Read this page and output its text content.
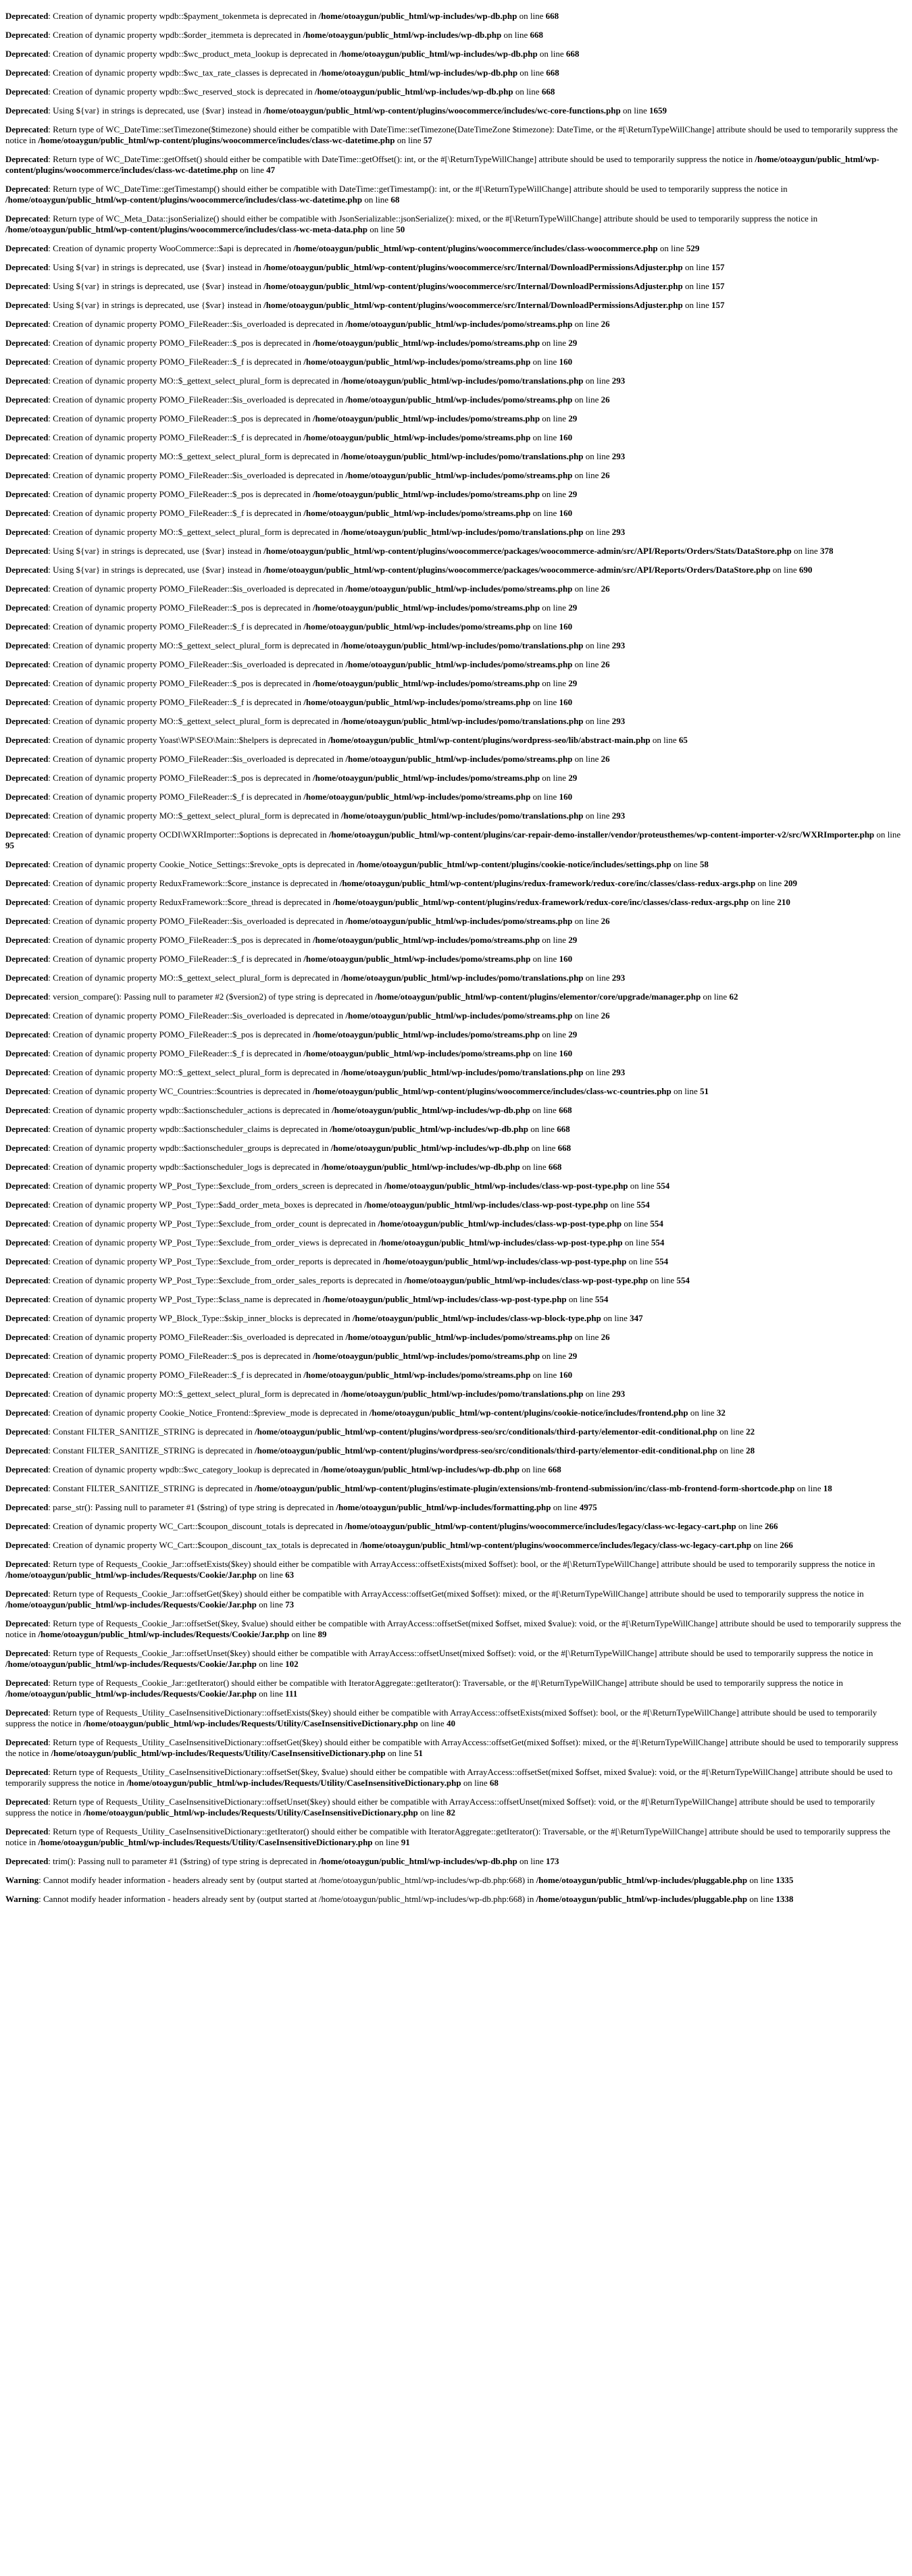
Deprecated: Creation of dynamic property wpdb::$payment_tokenmeta is deprecated in /home/otoaygun/public_html/wp-includes/wp-db.php on line 668

Deprecated: Creation of dynamic property wpdb::$order_itemmeta is deprecated in /home/otoaygun/public_html/wp-includes/wp-db.php on line 668

Deprecated: Creation of dynamic property wpdb::$wc_product_meta_lookup is deprecated in /home/otoaygun/public_html/wp-includes/wp-db.php on line 668

Deprecated: Creation of dynamic property wpdb::$wc_tax_rate_classes is deprecated in /home/otoaygun/public_html/wp-includes/wp-db.php on line 668

Deprecated: Creation of dynamic property wpdb::$wc_reserved_stock is deprecated in /home/otoaygun/public_html/wp-includes/wp-db.php on line 668

Deprecated: Using ${var} in strings is deprecated, use {$var} instead in /home/otoaygun/public_html/wp-content/plugins/woocommerce/includes/wc-core-functions.php on line 1659

Deprecated: Return type of WC_DateTime::setTimezone($timezone) should either be compatible with DateTime::setTimezone(DateTimeZone $timezone): DateTime, or the #[\ReturnTypeWillChange] attribute should be used to temporarily suppress the notice in /home/otoaygun/public_html/wp-content/plugins/woocommerce/includes/class-wc-datetime.php on line 57

Deprecated: Return type of WC_DateTime::getOffset() should either be compatible with DateTime::getOffset(): int, or the #[\ReturnTypeWillChange] attribute should be used to temporarily suppress the notice in /home/otoaygun/public_html/wp-content/plugins/woocommerce/includes/class-wc-datetime.php on line 47

Deprecated: Return type of WC_DateTime::getTimestamp() should either be compatible with DateTime::getTimestamp(): int, or the #[\ReturnTypeWillChange] attribute should be used to temporarily suppress the notice in /home/otoaygun/public_html/wp-content/plugins/woocommerce/includes/class-wc-datetime.php on line 68

Deprecated: Return type of WC_Meta_Data::jsonSerialize() should either be compatible with JsonSerializable::jsonSerialize(): mixed, or the #[\ReturnTypeWillChange] attribute should be used to temporarily suppress the notice in /home/otoaygun/public_html/wp-content/plugins/woocommerce/includes/class-wc-meta-data.php on line 50

Deprecated: Creation of dynamic property WooCommerce::$api is deprecated in /home/otoaygun/public_html/wp-content/plugins/woocommerce/includes/class-woocommerce.php on line 529

Deprecated: Using ${var} in strings is deprecated, use {$var} instead in /home/otoaygun/public_html/wp-content/plugins/woocommerce/src/Internal/DownloadPermissionsAdjuster.php on line 157

Deprecated: Using ${var} in strings is deprecated, use {$var} instead in /home/otoaygun/public_html/wp-content/plugins/woocommerce/src/Internal/DownloadPermissionsAdjuster.php on line 157

Deprecated: Using ${var} in strings is deprecated, use {$var} instead in /home/otoaygun/public_html/wp-content/plugins/woocommerce/src/Internal/DownloadPermissionsAdjuster.php on line 157

Deprecated: Creation of dynamic property POMO_FileReader::$is_overloaded is deprecated in /home/otoaygun/public_html/wp-includes/pomo/streams.php on line 26

Deprecated: Creation of dynamic property POMO_FileReader::$_pos is deprecated in /home/otoaygun/public_html/wp-includes/pomo/streams.php on line 29

Deprecated: Creation of dynamic property POMO_FileReader::$_f is deprecated in /home/otoaygun/public_html/wp-includes/pomo/streams.php on line 160

Deprecated: Creation of dynamic property MO::$_gettext_select_plural_form is deprecated in /home/otoaygun/public_html/wp-includes/pomo/translations.php on line 293

Deprecated: Creation of dynamic property POMO_FileReader::$is_overloaded is deprecated in /home/otoaygun/public_html/wp-includes/pomo/streams.php on line 26

Deprecated: Creation of dynamic property POMO_FileReader::$_pos is deprecated in /home/otoaygun/public_html/wp-includes/pomo/streams.php on line 29

Deprecated: Creation of dynamic property POMO_FileReader::$_f is deprecated in /home/otoaygun/public_html/wp-includes/pomo/streams.php on line 160

Deprecated: Creation of dynamic property MO::$_gettext_select_plural_form is deprecated in /home/otoaygun/public_html/wp-includes/pomo/translations.php on line 293

Deprecated: Creation of dynamic property POMO_FileReader::$is_overloaded is deprecated in /home/otoaygun/public_html/wp-includes/pomo/streams.php on line 26

Deprecated: Creation of dynamic property POMO_FileReader::$_pos is deprecated in /home/otoaygun/public_html/wp-includes/pomo/streams.php on line 29

Deprecated: Creation of dynamic property POMO_FileReader::$_f is deprecated in /home/otoaygun/public_html/wp-includes/pomo/streams.php on line 160

Deprecated: Creation of dynamic property MO::$_gettext_select_plural_form is deprecated in /home/otoaygun/public_html/wp-includes/pomo/translations.php on line 293

Deprecated: Using ${var} in strings is deprecated, use {$var} instead in /home/otoaygun/public_html/wp-content/plugins/woocommerce/packages/woocommerce-admin/src/API/Reports/Orders/Stats/DataStore.php on line 378

Deprecated: Using ${var} in strings is deprecated, use {$var} instead in /home/otoaygun/public_html/wp-content/plugins/woocommerce/packages/woocommerce-admin/src/API/Reports/Orders/DataStore.php on line 690

Deprecated: Creation of dynamic property POMO_FileReader::$is_overloaded is deprecated in /home/otoaygun/public_html/wp-includes/pomo/streams.php on line 26

Deprecated: Creation of dynamic property POMO_FileReader::$_pos is deprecated in /home/otoaygun/public_html/wp-includes/pomo/streams.php on line 29

Deprecated: Creation of dynamic property POMO_FileReader::$_f is deprecated in /home/otoaygun/public_html/wp-includes/pomo/streams.php on line 160

Deprecated: Creation of dynamic property MO::$_gettext_select_plural_form is deprecated in /home/otoaygun/public_html/wp-includes/pomo/translations.php on line 293

Deprecated: Creation of dynamic property POMO_FileReader::$is_overloaded is deprecated in /home/otoaygun/public_html/wp-includes/pomo/streams.php on line 26

Deprecated: Creation of dynamic property POMO_FileReader::$_pos is deprecated in /home/otoaygun/public_html/wp-includes/pomo/streams.php on line 29

Deprecated: Creation of dynamic property POMO_FileReader::$_f is deprecated in /home/otoaygun/public_html/wp-includes/pomo/streams.php on line 160

Deprecated: Creation of dynamic property MO::$_gettext_select_plural_form is deprecated in /home/otoaygun/public_html/wp-includes/pomo/translations.php on line 293

Deprecated: Creation of dynamic property Yoast\WP\SEO\Main::$helpers is deprecated in /home/otoaygun/public_html/wp-content/plugins/wordpress-seo/lib/abstract-main.php on line 65

Deprecated: Creation of dynamic property POMO_FileReader::$is_overloaded is deprecated in /home/otoaygun/public_html/wp-includes/pomo/streams.php on line 26

Deprecated: Creation of dynamic property POMO_FileReader::$_pos is deprecated in /home/otoaygun/public_html/wp-includes/pomo/streams.php on line 29

Deprecated: Creation of dynamic property POMO_FileReader::$_f is deprecated in /home/otoaygun/public_html/wp-includes/pomo/streams.php on line 160

Deprecated: Creation of dynamic property MO::$_gettext_select_plural_form is deprecated in /home/otoaygun/public_html/wp-includes/pomo/translations.php on line 293

Deprecated: Creation of dynamic property OCDI\WXRImporter::$options is deprecated in /home/otoaygun/public_html/wp-content/plugins/car-repair-demo-installer/vendor/proteusthemes/wp-content-importer-v2/src/WXRImporter.php on line 95

Deprecated: Creation of dynamic property Cookie_Notice_Settings::$revoke_opts is deprecated in /home/otoaygun/public_html/wp-content/plugins/cookie-notice/includes/settings.php on line 58

Deprecated: Creation of dynamic property ReduxFramework::$core_instance is deprecated in /home/otoaygun/public_html/wp-content/plugins/redux-framework/redux-core/inc/classes/class-redux-args.php on line 209

Deprecated: Creation of dynamic property ReduxFramework::$core_thread is deprecated in /home/otoaygun/public_html/wp-content/plugins/redux-framework/redux-core/inc/classes/class-redux-args.php on line 210

Deprecated: Creation of dynamic property POMO_FileReader::$is_overloaded is deprecated in /home/otoaygun/public_html/wp-includes/pomo/streams.php on line 26

Deprecated: Creation of dynamic property POMO_FileReader::$_pos is deprecated in /home/otoaygun/public_html/wp-includes/pomo/streams.php on line 29

Deprecated: Creation of dynamic property POMO_FileReader::$_f is deprecated in /home/otoaygun/public_html/wp-includes/pomo/streams.php on line 160

Deprecated: Creation of dynamic property MO::$_gettext_select_plural_form is deprecated in /home/otoaygun/public_html/wp-includes/pomo/translations.php on line 293

Deprecated: version_compare(): Passing null to parameter #2 ($version2) of type string is deprecated in /home/otoaygun/public_html/wp-content/plugins/elementor/core/upgrade/manager.php on line 62

Deprecated: Creation of dynamic property POMO_FileReader::$is_overloaded is deprecated in /home/otoaygun/public_html/wp-includes/pomo/streams.php on line 26

Deprecated: Creation of dynamic property POMO_FileReader::$_pos is deprecated in /home/otoaygun/public_html/wp-includes/pomo/streams.php on line 29

Deprecated: Creation of dynamic property POMO_FileReader::$_f is deprecated in /home/otoaygun/public_html/wp-includes/pomo/streams.php on line 160

Deprecated: Creation of dynamic property MO::$_gettext_select_plural_form is deprecated in /home/otoaygun/public_html/wp-includes/pomo/translations.php on line 293

Deprecated: Creation of dynamic property WC_Countries::$countries is deprecated in /home/otoaygun/public_html/wp-content/plugins/woocommerce/includes/class-wc-countries.php on line 51

Deprecated: Creation of dynamic property wpdb::$actionscheduler_actions is deprecated in /home/otoaygun/public_html/wp-includes/wp-db.php on line 668

Deprecated: Creation of dynamic property wpdb::$actionscheduler_claims is deprecated in /home/otoaygun/public_html/wp-includes/wp-db.php on line 668

Deprecated: Creation of dynamic property wpdb::$actionscheduler_groups is deprecated in /home/otoaygun/public_html/wp-includes/wp-db.php on line 668

Deprecated: Creation of dynamic property wpdb::$actionscheduler_logs is deprecated in /home/otoaygun/public_html/wp-includes/wp-db.php on line 668

Deprecated: Creation of dynamic property WP_Post_Type::$exclude_from_orders_screen is deprecated in /home/otoaygun/public_html/wp-includes/class-wp-post-type.php on line 554

Deprecated: Creation of dynamic property WP_Post_Type::$add_order_meta_boxes is deprecated in /home/otoaygun/public_html/wp-includes/class-wp-post-type.php on line 554

Deprecated: Creation of dynamic property WP_Post_Type::$exclude_from_order_count is deprecated in /home/otoaygun/public_html/wp-includes/class-wp-post-type.php on line 554

Deprecated: Creation of dynamic property WP_Post_Type::$exclude_from_order_views is deprecated in /home/otoaygun/public_html/wp-includes/class-wp-post-type.php on line 554

Deprecated: Creation of dynamic property WP_Post_Type::$exclude_from_order_reports is deprecated in /home/otoaygun/public_html/wp-includes/class-wp-post-type.php on line 554

Deprecated: Creation of dynamic property WP_Post_Type::$exclude_from_order_sales_reports is deprecated in /home/otoaygun/public_html/wp-includes/class-wp-post-type.php on line 554

Deprecated: Creation of dynamic property WP_Post_Type::$class_name is deprecated in /home/otoaygun/public_html/wp-includes/class-wp-post-type.php on line 554

Deprecated: Creation of dynamic property WP_Block_Type::$skip_inner_blocks is deprecated in /home/otoaygun/public_html/wp-includes/class-wp-block-type.php on line 347

Deprecated: Creation of dynamic property POMO_FileReader::$is_overloaded is deprecated in /home/otoaygun/public_html/wp-includes/pomo/streams.php on line 26

Deprecated: Creation of dynamic property POMO_FileReader::$_pos is deprecated in /home/otoaygun/public_html/wp-includes/pomo/streams.php on line 29

Deprecated: Creation of dynamic property POMO_FileReader::$_f is deprecated in /home/otoaygun/public_html/wp-includes/pomo/streams.php on line 160

Deprecated: Creation of dynamic property MO::$_gettext_select_plural_form is deprecated in /home/otoaygun/public_html/wp-includes/pomo/translations.php on line 293

Deprecated: Creation of dynamic property Cookie_Notice_Frontend::$preview_mode is deprecated in /home/otoaygun/public_html/wp-content/plugins/cookie-notice/includes/frontend.php on line 32

Deprecated: Constant FILTER_SANITIZE_STRING is deprecated in /home/otoaygun/public_html/wp-content/plugins/wordpress-seo/src/conditionals/third-party/elementor-edit-conditional.php on line 22

Deprecated: Constant FILTER_SANITIZE_STRING is deprecated in /home/otoaygun/public_html/wp-content/plugins/wordpress-seo/src/conditionals/third-party/elementor-edit-conditional.php on line 28

Deprecated: Creation of dynamic property wpdb::$wc_category_lookup is deprecated in /home/otoaygun/public_html/wp-includes/wp-db.php on line 668

Deprecated: Constant FILTER_SANITIZE_STRING is deprecated in /home/otoaygun/public_html/wp-content/plugins/estimate-plugin/extensions/mb-frontend-submission/inc/class-mb-frontend-form-shortcode.php on line 18

Deprecated: parse_str(): Passing null to parameter #1 ($string) of type string is deprecated in /home/otoaygun/public_html/wp-includes/formatting.php on line 4975

Deprecated: Creation of dynamic property WC_Cart::$coupon_discount_totals is deprecated in /home/otoaygun/public_html/wp-content/plugins/woocommerce/includes/legacy/class-wc-legacy-cart.php on line 266

Deprecated: Creation of dynamic property WC_Cart::$coupon_discount_tax_totals is deprecated in /home/otoaygun/public_html/wp-content/plugins/woocommerce/includes/legacy/class-wc-legacy-cart.php on line 266

Deprecated: Return type of Requests_Cookie_Jar::offsetExists($key) should either be compatible with ArrayAccess::offsetExists(mixed $offset): bool, or the #[\ReturnTypeWillChange] attribute should be used to temporarily suppress the notice in /home/otoaygun/public_html/wp-includes/Requests/Cookie/Jar.php on line 63

Deprecated: Return type of Requests_Cookie_Jar::offsetGet($key) should either be compatible with ArrayAccess::offsetGet(mixed $offset): mixed, or the #[\ReturnTypeWillChange] attribute should be used to temporarily suppress the notice in /home/otoaygun/public_html/wp-includes/Requests/Cookie/Jar.php on line 73

Deprecated: Return type of Requests_Cookie_Jar::offsetSet($key, $value) should either be compatible with ArrayAccess::offsetSet(mixed $offset, mixed $value): void, or the #[\ReturnTypeWillChange] attribute should be used to temporarily suppress the notice in /home/otoaygun/public_html/wp-includes/Requests/Cookie/Jar.php on line 89

Deprecated: Return type of Requests_Cookie_Jar::offsetUnset($key) should either be compatible with ArrayAccess::offsetUnset(mixed $offset): void, or the #[\ReturnTypeWillChange] attribute should be used to temporarily suppress the notice in /home/otoaygun/public_html/wp-includes/Requests/Cookie/Jar.php on line 102

Deprecated: Return type of Requests_Cookie_Jar::getIterator() should either be compatible with IteratorAggregate::getIterator(): Traversable, or the #[\ReturnTypeWillChange] attribute should be used to temporarily suppress the notice in /home/otoaygun/public_html/wp-includes/Requests/Cookie/Jar.php on line 111

Deprecated: Return type of Requests_Utility_CaseInsensitiveDictionary::offsetExists($key) should either be compatible with ArrayAccess::offsetExists(mixed $offset): bool, or the #[\ReturnTypeWillChange] attribute should be used to temporarily suppress the notice in /home/otoaygun/public_html/wp-includes/Requests/Utility/CaseInsensitiveDictionary.php on line 40

Deprecated: Return type of Requests_Utility_CaseInsensitiveDictionary::offsetGet($key) should either be compatible with ArrayAccess::offsetGet(mixed $offset): mixed, or the #[\ReturnTypeWillChange] attribute should be used to temporarily suppress the notice in /home/otoaygun/public_html/wp-includes/Requests/Utility/CaseInsensitiveDictionary.php on line 51

Deprecated: Return type of Requests_Utility_CaseInsensitiveDictionary::offsetSet($key, $value) should either be compatible with ArrayAccess::offsetSet(mixed $offset, mixed $value): void, or the #[\ReturnTypeWillChange] attribute should be used to temporarily suppress the notice in /home/otoaygun/public_html/wp-includes/Requests/Utility/CaseInsensitiveDictionary.php on line 68

Deprecated: Return type of Requests_Utility_CaseInsensitiveDictionary::offsetUnset($key) should either be compatible with ArrayAccess::offsetUnset(mixed $offset): void, or the #[\ReturnTypeWillChange] attribute should be used to temporarily suppress the notice in /home/otoaygun/public_html/wp-includes/Requests/Utility/CaseInsensitiveDictionary.php on line 82

Deprecated: Return type of Requests_Utility_CaseInsensitiveDictionary::getIterator() should either be compatible with IteratorAggregate::getIterator(): Traversable, or the #[\ReturnTypeWillChange] attribute should be used to temporarily suppress the notice in /home/otoaygun/public_html/wp-includes/Requests/Utility/CaseInsensitiveDictionary.php on line 91

Deprecated: trim(): Passing null to parameter #1 ($string) of type string is deprecated in /home/otoaygun/public_html/wp-includes/wp-db.php on line 173

Warning: Cannot modify header information - headers already sent by (output started at /home/otoaygun/public_html/wp-includes/wp-db.php:668) in /home/otoaygun/public_html/wp-includes/pluggable.php on line 1335

Warning: Cannot modify header information - headers already sent by (output started at /home/otoaygun/public_html/wp-includes/wp-db.php:668) in /home/otoaygun/public_html/wp-includes/pluggable.php on line 1338
